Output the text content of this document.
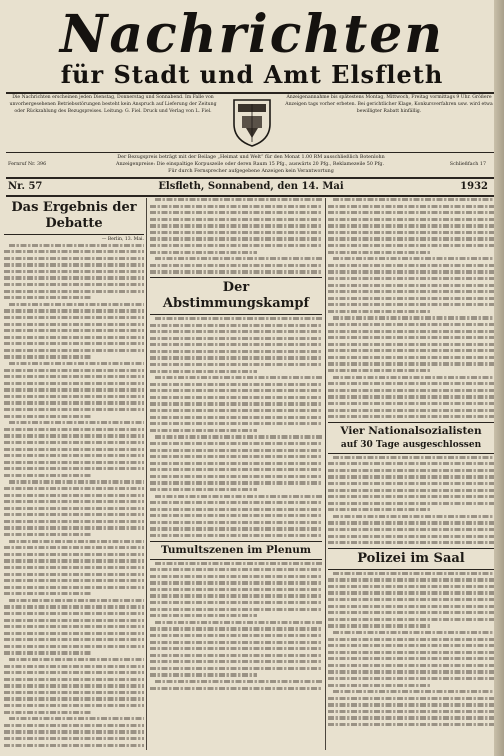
Nachrichten
für Stadt und Amt Elsfleth
Die Nachrichten erscheinen jeden Dienstag, Donnerstag und Sonnabend. Im Falle von unvorhergesehenen Betriebsstörungen besteht kein Anspruch auf Lieferung der Zeitung oder Rückzahlung des Bezugspreises. Leitung: G. Fiel. Druck und Verlag von L. Fiel.
Anzeigenannahme bis spätestens Montag, Mittwoch, Freitag vormittags 9 Uhr. Größere Anzeigen tags vorher erbeten. Bei gerichtlicher Klage, Konkursverfahren usw. wird etwa bewilligter Rabatt hinfällig.
Der Bezugspreis beträgt mit der Beilage „Heimat und Welt“ für den Monat 1.00 RM ausschließlich Botenlohn
Fernruf Nr. 396	Anzeigenpreise: Die einspaltige Korpuszeile oder deren Raum 15 Pfg., auswärts 20 Pfg., Reklamezeile 50 Pfg.	Schließfach 17
Für durch Fernsprecher aufgegebene Anzeigen kein Verantwortung
Nr. 57	Elsfleth, Sonnabend, den 14. Mai	1932
Das Ergebnis der Debatte
— Berlin, 13. Mai.
Der Abstimmungskampf
Tumultszenen im Plenum
Vier Nationalsozialisten
auf 30 Tage ausgeschlossen
Polizei im Saal
